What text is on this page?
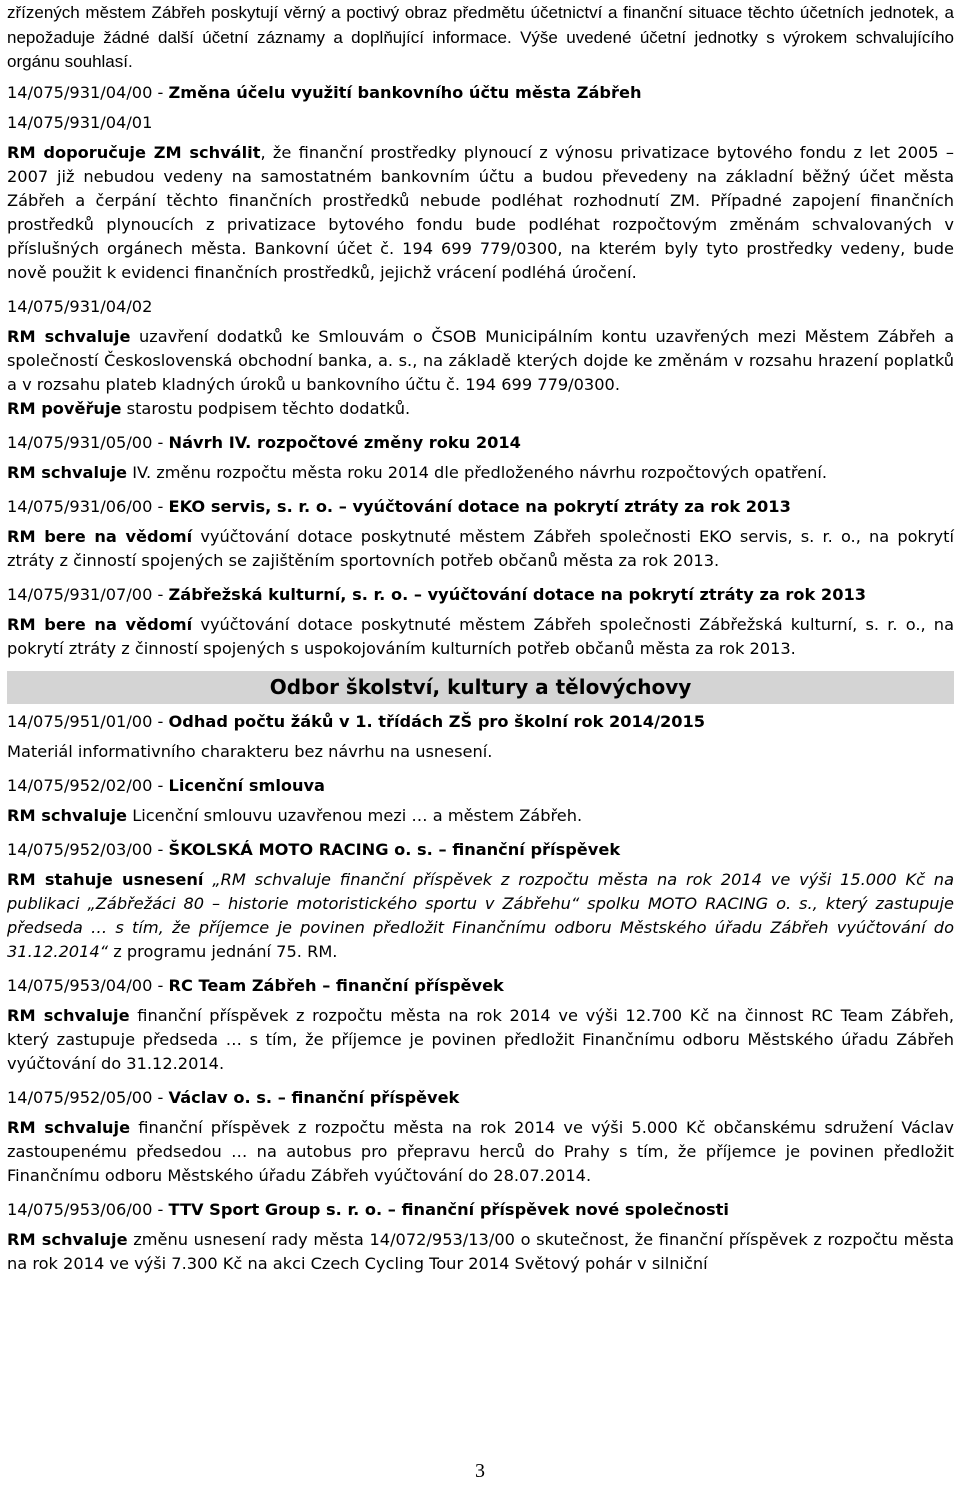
zřízených městem Zábřeh poskytují věrný a poctivý obraz předmětu účetnictví a finanční situace těchto účetních jednotek, a nepožaduje žádné další účetní záznamy a doplňující informace. Výše uvedené účetní jednotky s výrokem schvalujícího orgánu souhlasí.

14/075/931/04/00 - Změna účelu využití bankovního účtu města Zábřeh

14/075/931/04/01

RM doporučuje ZM schválit, že finanční prostředky plynoucí z výnosu privatizace bytového fondu z let 2005 – 2007 již nebudou vedeny na samostatném bankovním účtu a budou převedeny na základní běžný účet města Zábřeh a čerpání těchto finančních prostředků nebude podléhat rozhodnutí ZM. Případné zapojení finančních prostředků plynoucích z privatizace bytového fondu bude podléhat rozpočtovým změnám schvalovaných v příslušných orgánech města. Bankovní účet č. 194 699 779/0300, na kterém byly tyto prostředky vedeny, bude nově použit k evidenci finančních prostředků, jejichž vrácení podléhá úročení.

14/075/931/04/02

RM schvaluje uzavření dodatků ke Smlouvám o ČSOB Municipálním kontu uzavřených mezi Městem Zábřeh a společností Československá obchodní banka, a. s., na základě kterých dojde ke změnám v rozsahu hrazení poplatků a v rozsahu plateb kladných úroků u bankovního účtu č. 194 699 779/0300.
RM pověřuje starostu podpisem těchto dodatků.

14/075/931/05/00 - Návrh IV. rozpočtové změny roku 2014

RM schvaluje IV. změnu rozpočtu města roku 2014 dle předloženého návrhu rozpočtových opatření.

14/075/931/06/00 - EKO servis, s. r. o. – vyúčtování dotace na pokrytí ztráty za rok 2013

RM bere na vědomí vyúčtování dotace poskytnuté městem Zábřeh společnosti EKO servis, s. r. o., na pokrytí ztráty z činností spojených se zajištěním sportovních potřeb občanů města za rok 2013.

14/075/931/07/00 - Zábřežská kulturní, s. r. o. – vyúčtování dotace na pokrytí ztráty za rok 2013

RM bere na vědomí vyúčtování dotace poskytnuté městem Zábřeh společnosti Zábřežská kulturní, s. r. o., na pokrytí ztráty z činností spojených s uspokojováním kulturních potřeb občanů města za rok 2013.

Odbor školství, kultury a tělovýchovy

14/075/951/01/00 - Odhad počtu žáků v 1. třídách ZŠ pro školní rok 2014/2015

Materiál informativního charakteru bez návrhu na usnesení.

14/075/952/02/00 - Licenční smlouva

RM schvaluje Licenční smlouvu uzavřenou mezi … a městem Zábřeh.

14/075/952/03/00 - ŠKOLSKÁ MOTO RACING o. s. – finanční příspěvek

RM stahuje usnesení „RM schvaluje finanční příspěvek z rozpočtu města na rok 2014 ve výši 15.000 Kč na publikaci „Zábřežáci 80 – historie motoristického sportu v Zábřehu“ spolku MOTO RACING o. s., který zastupuje předseda … s tím, že příjemce je povinen předložit Finančnímu odboru Městského úřadu Zábřeh vyúčtování do 31.12.2014“ z programu jednání 75. RM.

14/075/953/04/00 - RC Team Zábřeh – finanční příspěvek

RM schvaluje finanční příspěvek z rozpočtu města na rok 2014 ve výši 12.700 Kč na činnost RC Team Zábřeh, který zastupuje předseda … s tím, že příjemce je povinen předložit Finančnímu odboru Městského úřadu Zábřeh vyúčtování do 31.12.2014.

14/075/952/05/00 - Václav o. s. – finanční příspěvek

RM schvaluje finanční příspěvek z rozpočtu města na rok 2014 ve výši 5.000 Kč občanskému sdružení Václav zastoupenému předsedou … na autobus pro přepravu herců do Prahy s tím, že příjemce je povinen předložit Finančnímu odboru Městského úřadu Zábřeh vyúčtování do 28.07.2014.

14/075/953/06/00 - TTV Sport Group s. r. o. – finanční příspěvek nové společnosti

RM schvaluje změnu usnesení rady města 14/072/953/13/00 o skutečnost, že finanční příspěvek z rozpočtu města na rok 2014 ve výši 7.300 Kč na akci Czech Cycling Tour 2014 Světový pohár v silniční

3
